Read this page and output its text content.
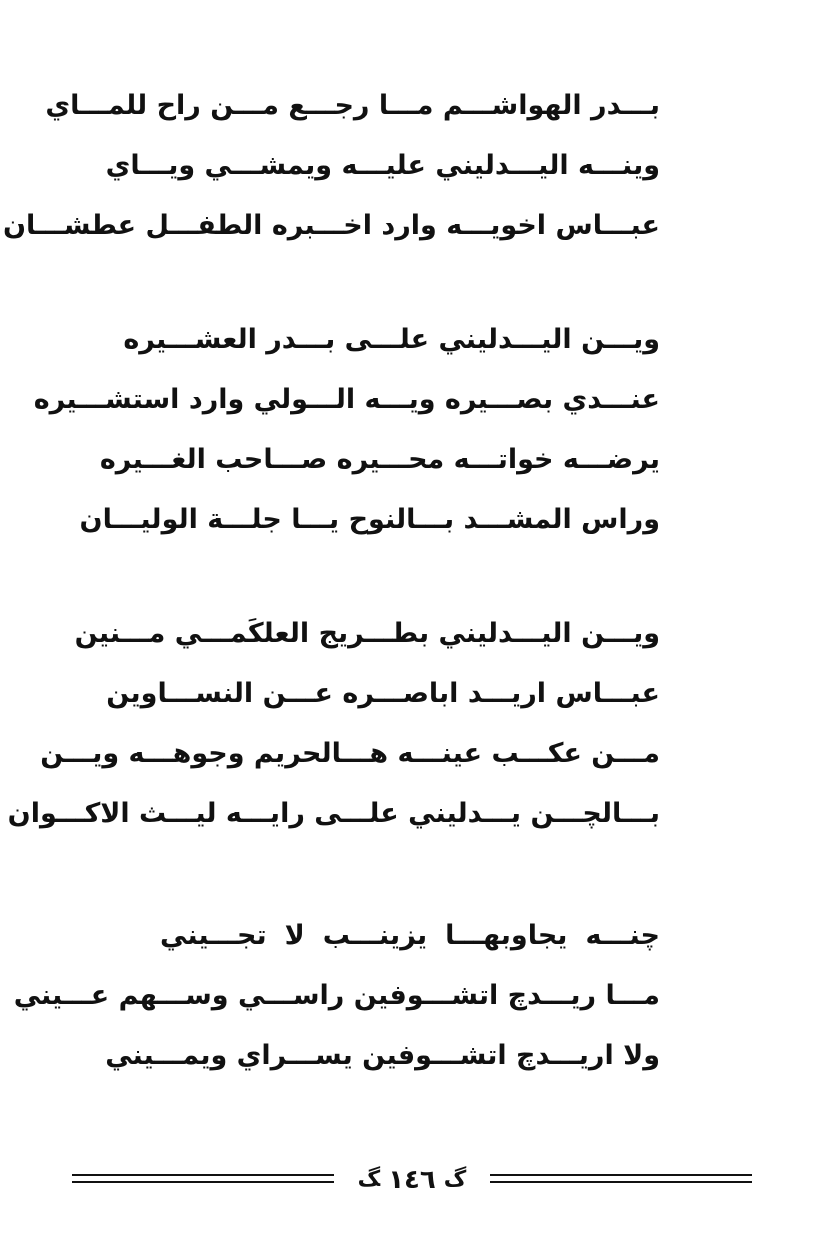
بـــدر الهواشـــم مـــا رجـــع مـــن راح للمـــاي
وينـــه اليـــدليني عليـــه ويمشـــي ويـــاي
عبـــاس اخويـــه وارد اخـــبره الطفـــل عطشـــان
ويـــن اليـــدليني علـــى بـــدر العشـــيره
عنـــدي بصـــيره ويـــه الـــولي وارد استشـــيره
يرضـــه خواتـــه محـــيره صـــاحب الغـــيره
وراس المشـــد بـــالنوح يـــا جلـــة الوليـــان
ويـــن اليـــدليني بطـــريج العلكَمـــي مـــنين
عبـــاس اريـــد اباصـــره عـــن النســـاوين
مـــن عكـــب عينـــه هـــالحريم وجوهـــه ويـــن
بـــالچـــن يـــدليني علـــى رايـــه ليـــث الاكـــوان
چنـــه يجاوبهـــا يزينـــب لا تجـــيني
مـــا ريـــدچ اتشـــوفين راســـي وســـهم عـــيني
ولا اريـــدچ اتشـــوفين يســـراي ويمـــيني
ﮓ ١٤٦ ﮒ
